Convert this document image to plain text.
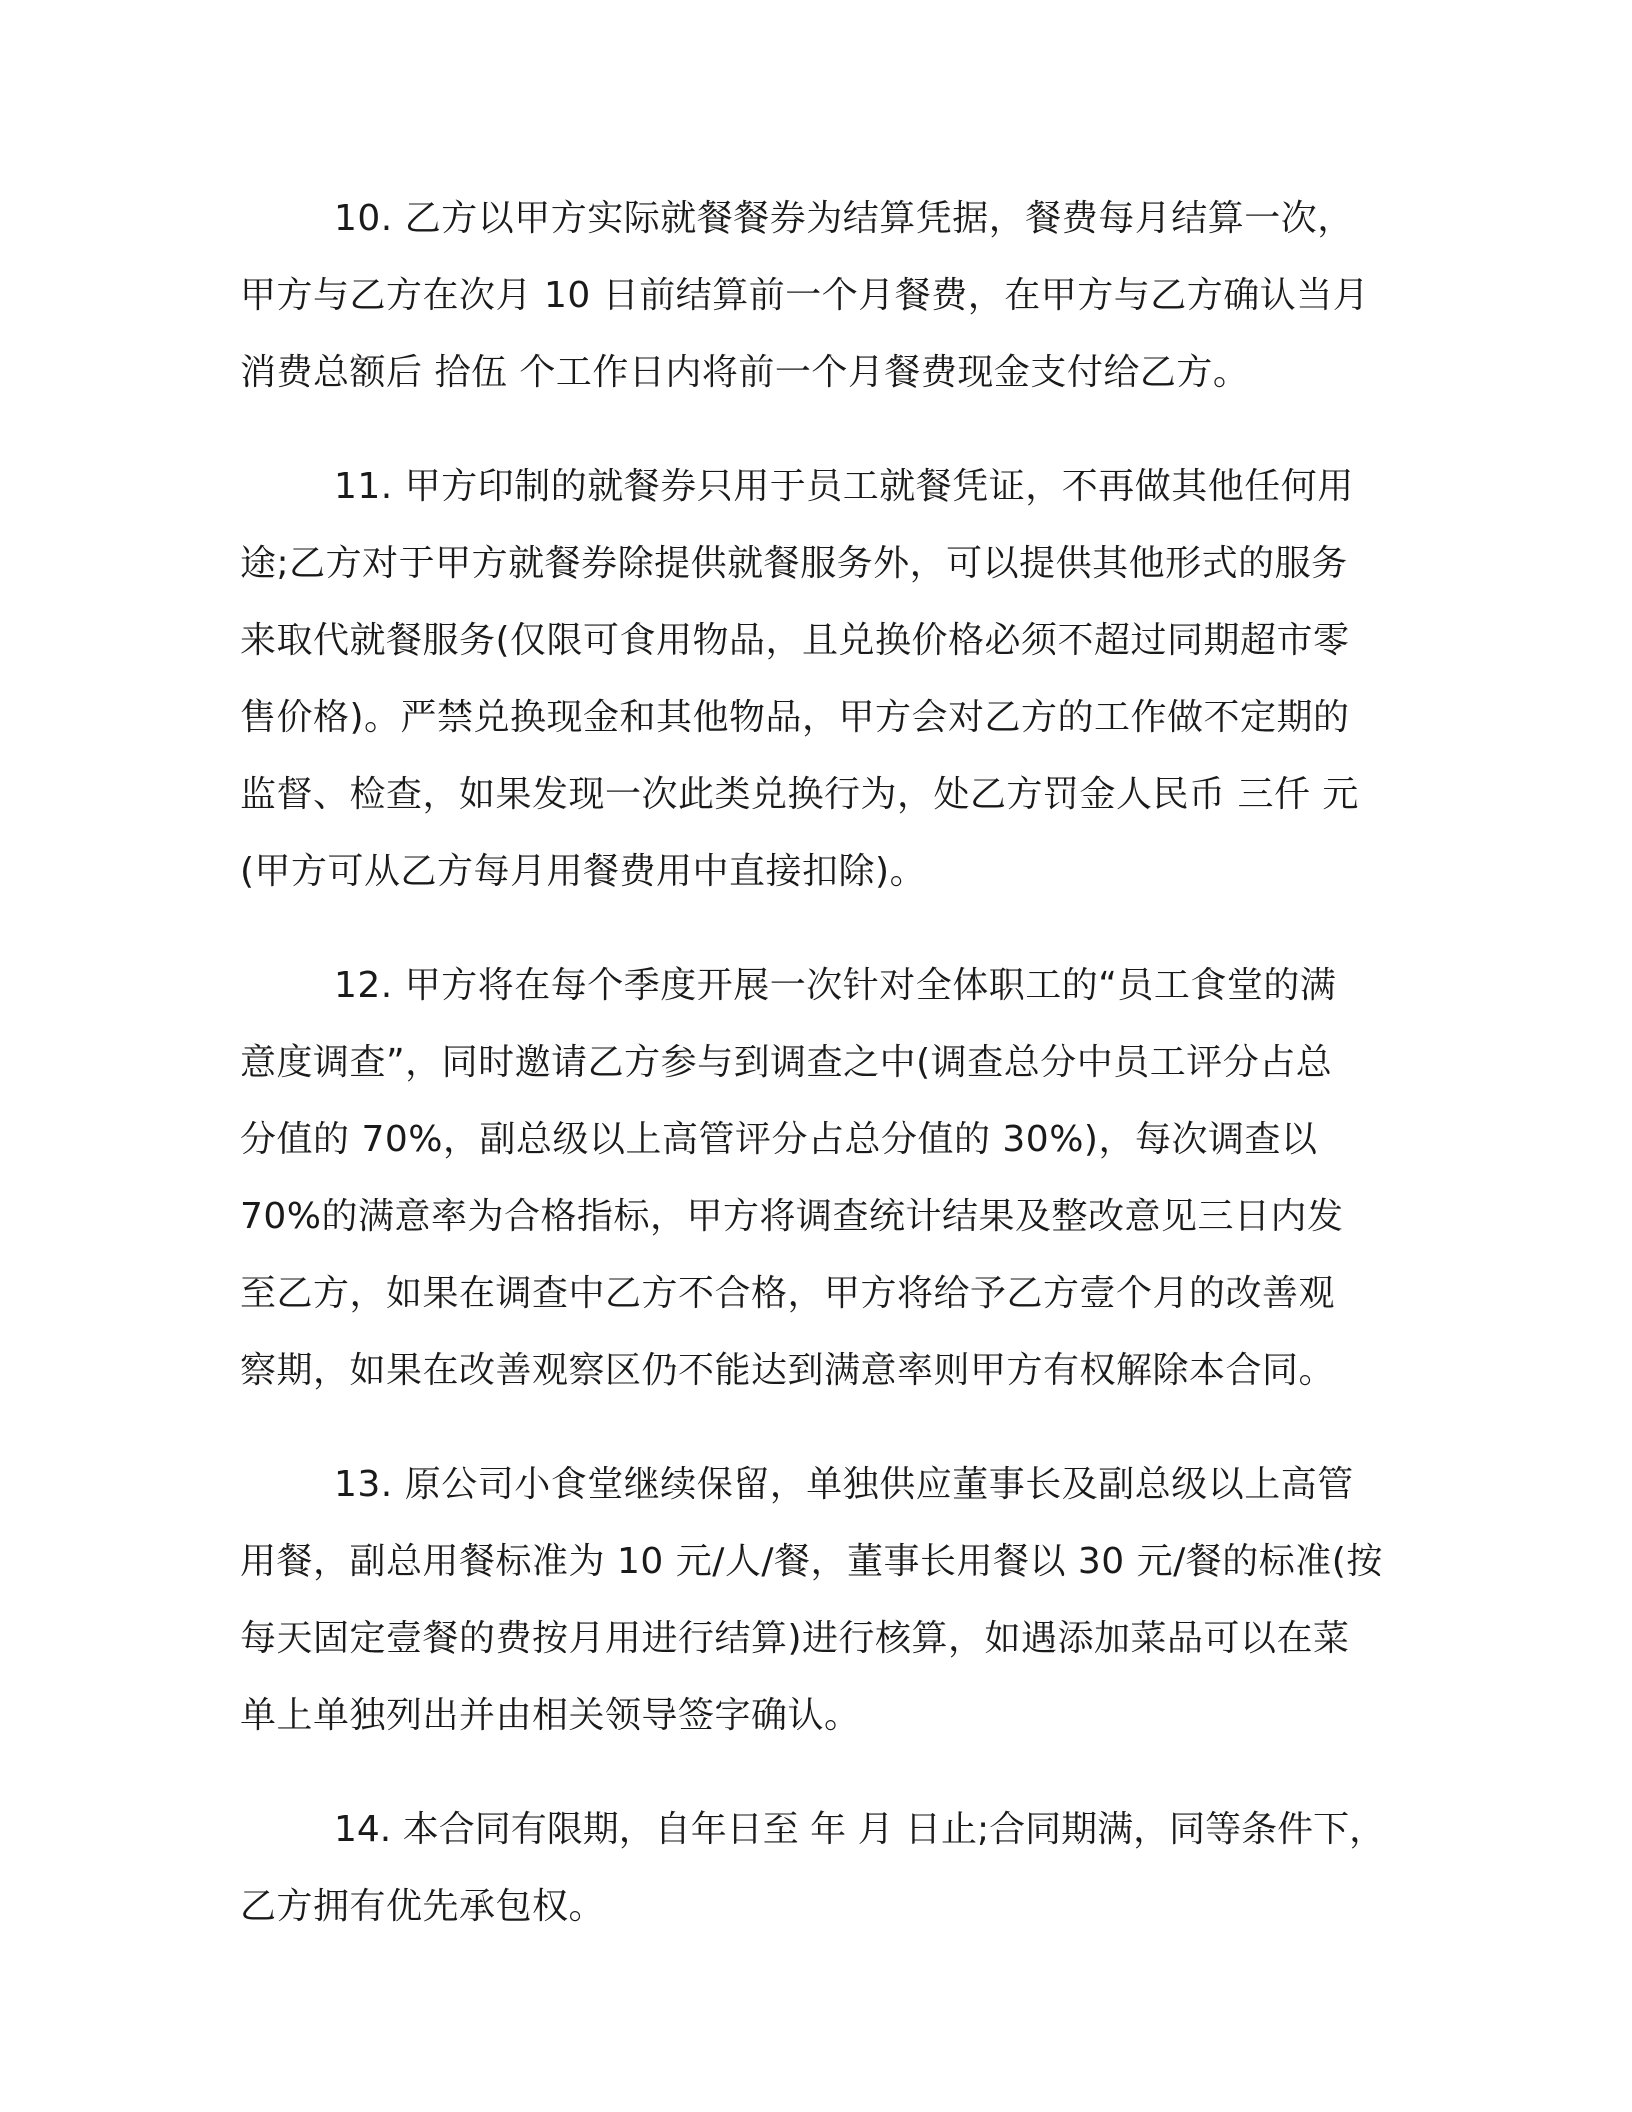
10. 乙方以甲方实际就餐餐券为结算凭据，餐费每月结算一次，
甲方与乙方在次月 10 日前结算前一个月餐费，在甲方与乙方确认当月
消费总额后 拾伍 个工作日内将前一个月餐费现金支付给乙方。
11. 甲方印制的就餐券只用于员工就餐凭证，不再做其他任何用
途;乙方对于甲方就餐券除提供就餐服务外，可以提供其他形式的服务
来取代就餐服务(仅限可食用物品，且兑换价格必须不超过同期超市零
售价格)。严禁兑换现金和其他物品，甲方会对乙方的工作做不定期的
监督、检查，如果发现一次此类兑换行为，处乙方罚金人民币 三仟 元
(甲方可从乙方每月用餐费用中直接扣除)。
12. 甲方将在每个季度开展一次针对全体职工的“员工食堂的满
意度调查”，同时邀请乙方参与到调查之中(调查总分中员工评分占总
分值的 70%，副总级以上高管评分占总分值的 30%)，每次调查以
70%的满意率为合格指标，甲方将调查统计结果及整改意见三日内发
至乙方，如果在调查中乙方不合格，甲方将给予乙方壹个月的改善观
察期，如果在改善观察区仍不能达到满意率则甲方有权解除本合同。
13. 原公司小食堂继续保留，单独供应董事长及副总级以上高管
用餐，副总用餐标准为 10 元/人/餐，董事长用餐以 30 元/餐的标准(按
每天固定壹餐的费按月用进行结算)进行核算，如遇添加菜品可以在菜
单上单独列出并由相关领导签字确认。
14. 本合同有限期，自年日至 年 月 日止;合同期满，同等条件下，
乙方拥有优先承包权。
